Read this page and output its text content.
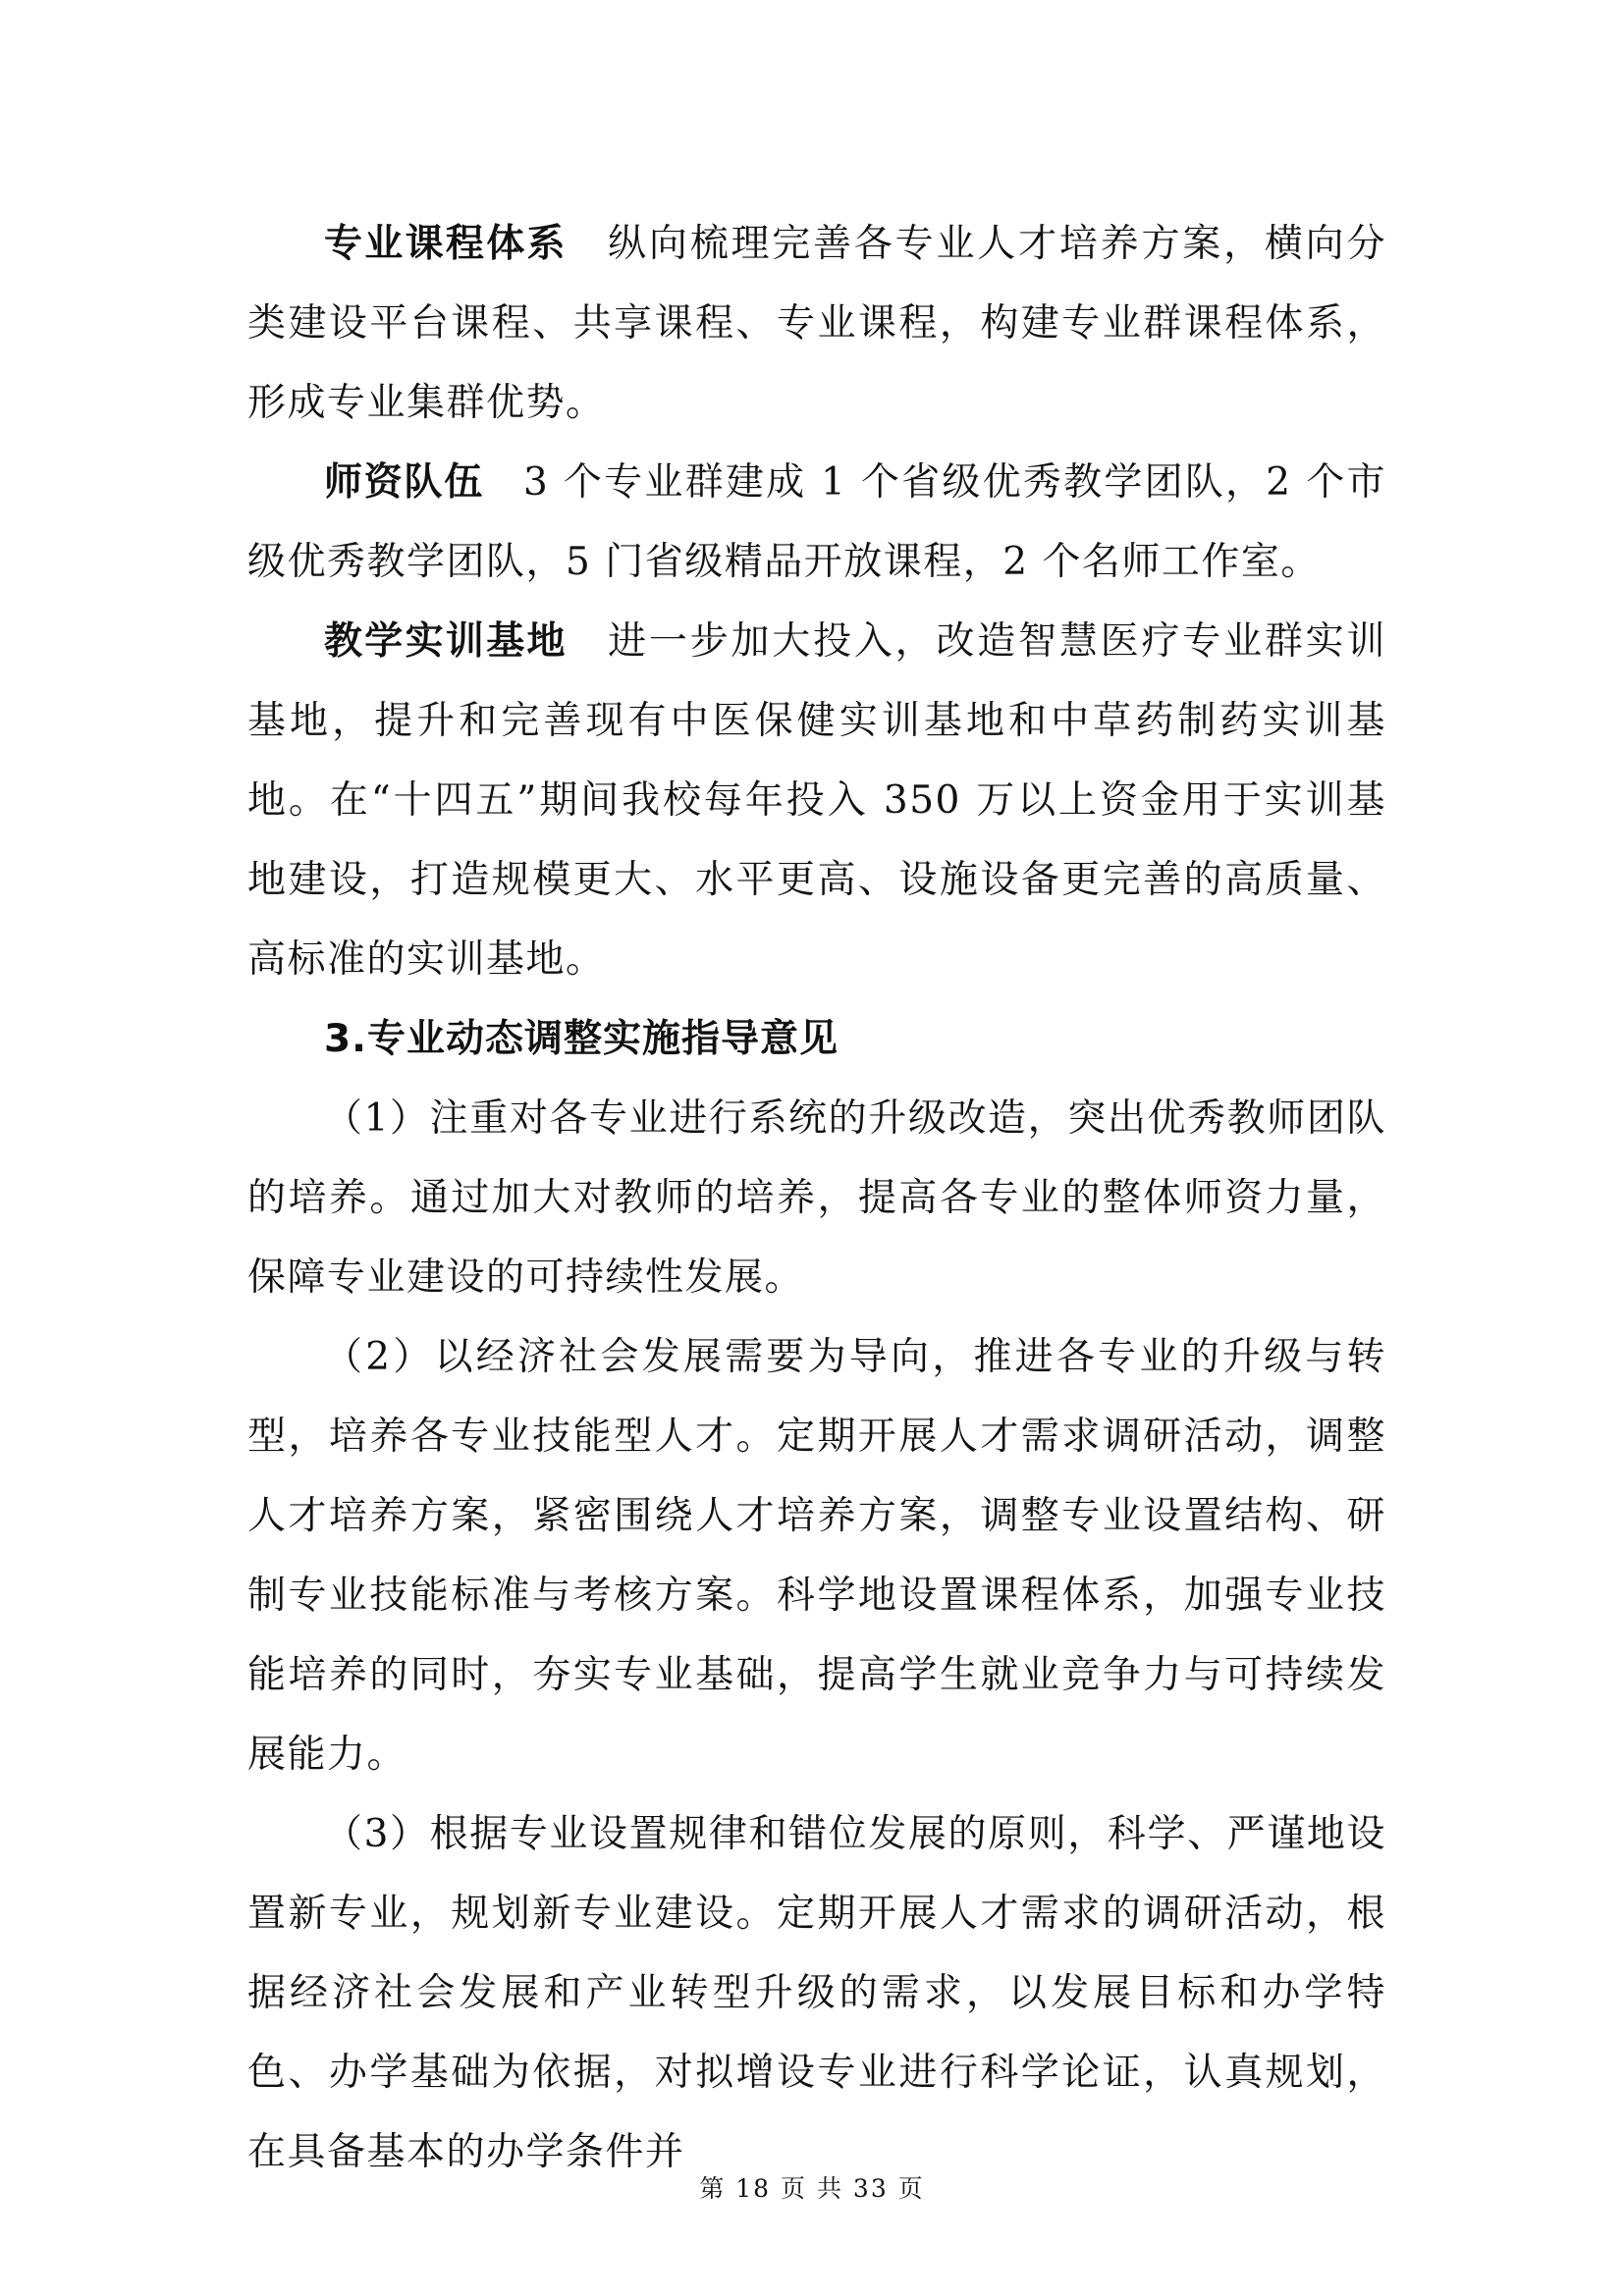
专业课程体系 纵向梳理完善各专业人才培养方案，横向分类建设平台课程、共享课程、专业课程，构建专业群课程体系，形成专业集群优势。

师资队伍 3 个专业群建成 1 个省级优秀教学团队，2 个市级优秀教学团队，5 门省级精品开放课程，2 个名师工作室。

教学实训基地 进一步加大投入，改造智慧医疗专业群实训基地，提升和完善现有中医保健实训基地和中草药制药实训基地。在“十四五”期间我校每年投入 350 万以上资金用于实训基地建设，打造规模更大、水平更高、设施设备更完善的高质量、高标准的实训基地。

3.专业动态调整实施指导意见

（1）注重对各专业进行系统的升级改造，突出优秀教师团队的培养。通过加大对教师的培养，提高各专业的整体师资力量，保障专业建设的可持续性发展。

（2）以经济社会发展需要为导向，推进各专业的升级与转型，培养各专业技能型人才。定期开展人才需求调研活动，调整人才培养方案，紧密围绕人才培养方案，调整专业设置结构、研制专业技能标准与考核方案。科学地设置课程体系，加强专业技能培养的同时，夯实专业基础，提高学生就业竞争力与可持续发展能力。

（3）根据专业设置规律和错位发展的原则，科学、严谨地设置新专业，规划新专业建设。定期开展人才需求的调研活动，根据经济社会发展和产业转型升级的需求，以发展目标和办学特色、办学基础为依据，对拟增设专业进行科学论证，认真规划，在具备基本的办学条件并

第 18 页 共 33 页
